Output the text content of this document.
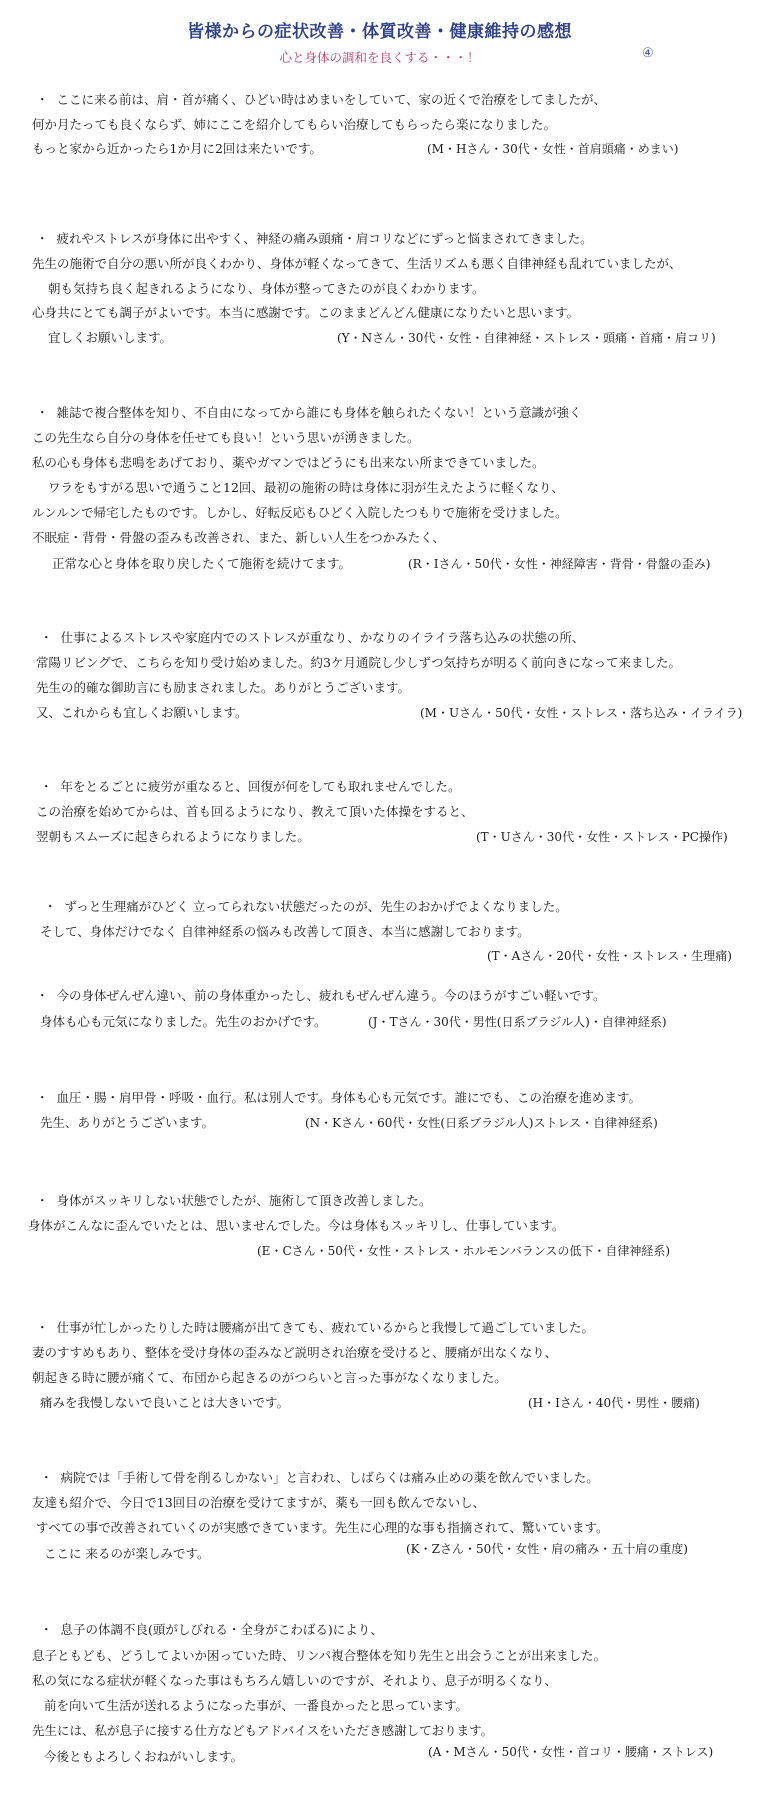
皆様からの症状改善・体質改善・健康維持の感想
心と身体の調和を良くする・・・！	④
・ ここに来る前は、肩・首が痛く、ひどい時はめまいをしていて、家の近くで治療をしてましたが、
何か月たっても良くならず、姉にここを紹介してもらい治療してもらったら楽になりました。
もっと家から近かったら1か月に2回は来たいです。	(M・Hさん・30代・女性・首肩頭痛・めまい)
・ 疲れやストレスが身体に出やすく、神経の痛み頭痛・肩コリなどにずっと悩まされてきました。
先生の施術で自分の悪い所が良くわかり、身体が軽くなってきて、生活リズムも悪く自律神経も乱れていましたが、
朝も気持ち良く起きれるようになり、身体が整ってきたのが良くわかります。
心身共にとても調子がよいです。本当に感謝です。このままどんどん健康になりたいと思います。
宜しくお願いします。	(Y・Nさん・30代・女性・自律神経・ストレス・頭痛・首痛・肩コリ)
・ 雑誌で複合整体を知り、不自由になってから誰にも身体を触られたくない！という意識が強く
この先生なら自分の身体を任せても良い！という思いが湧きました。
私の心も身体も悲鳴をあげており、薬やガマンではどうにも出来ない所まできていました。
ワラをもすがる思いで通うこと12回、最初の施術の時は身体に羽が生えたように軽くなり、
ルンルンで帰宅したものです。しかし、好転反応もひどく入院したつもりで施術を受けました。
不眠症・背骨・骨盤の歪みも改善され、また、新しい人生をつかみたく、
正常な心と身体を取り戻したくて施術を続けてます。	(R・Iさん・50代・女性・神経障害・背骨・骨盤の歪み)
・ 仕事によるストレスや家庭内でのストレスが重なり、かなりのイライラ落ち込みの状態の所、
常陽リビングで、こちらを知り受け始めました。約3ケ月通院し少しずつ気持ちが明るく前向きになって来ました。
先生の的確な御助言にも励まされました。ありがとうございます。
又、これからも宜しくお願いします。	(M・Uさん・50代・女性・ストレス・落ち込み・イライラ)
・ 年をとるごとに疲労が重なると、回復が何をしても取れませんでした。
この治療を始めてからは、首も回るようになり、教えて頂いた体操をすると、
翌朝もスムーズに起きられるようになりました。	(T・Uさん・30代・女性・ストレス・PC操作)
・ ずっと生理痛がひどく 立ってられない状態だったのが、先生のおかげでよくなりました。
そして、身体だけでなく 自律神経系の悩みも改善して頂き、本当に感謝しております。
(T・Aさん・20代・女性・ストレス・生理痛)
・ 今の身体ぜんぜん違い、前の身体重かったし、疲れもぜんぜん違う。今のほうがすごい軽いです。
身体も心も元気になりました。先生のおかげです。	(J・Tさん・30代・男性(日系ブラジル人)・自律神経系)
・ 血圧・腸・肩甲骨・呼吸・血行。私は別人です。身体も心も元気です。誰にでも、この治療を進めます。
先生、ありがとうございます。	(N・Kさん・60代・女性(日系ブラジル人)ストレス・自律神経系)
・ 身体がスッキリしない状態でしたが、施術して頂き改善しました。
身体がこんなに歪んでいたとは、思いませんでした。今は身体もスッキリし、仕事しています。
(E・Cさん・50代・女性・ストレス・ホルモンバランスの低下・自律神経系)
・ 仕事が忙しかったりした時は腰痛が出てきても、疲れているからと我慢して過ごしていました。
妻のすすめもあり、整体を受け身体の歪みなど説明され治療を受けると、腰痛が出なくなり、
朝起きる時に腰が痛くて、布団から起きるのがつらいと言った事がなくなりました。
痛みを我慢しないで良いことは大きいです。	(H・Iさん・40代・男性・腰痛)
・ 病院では「手術して骨を削るしかない」と言われ、しばらくは痛み止めの薬を飲んでいました。
友達も紹介で、今日で13回目の治療を受けてますが、薬も一回も飲んでないし、
すべての事で改善されていくのが実感できています。先生に心理的な事も指摘されて、驚いています。
ここに 来るのが楽しみです。	(K・Zさん・50代・女性・肩の痛み・五十肩の重度)
・ 息子の体調不良(頭がしびれる・全身がこわばる)により、
息子ともども、どうしてよいか困っていた時、リンパ複合整体を知り先生と出会うことが出来ました。
私の気になる症状が軽くなった事はもちろん嬉しいのですが、それより、息子が明るくなり、
前を向いて生活が送れるようになった事が、一番良かったと思っています。
先生には、私が息子に接する仕方などもアドバイスをいただき感謝しております。
今後ともよろしくおねがいします。	(A・Mさん・50代・女性・首コリ・腰痛・ストレス)
